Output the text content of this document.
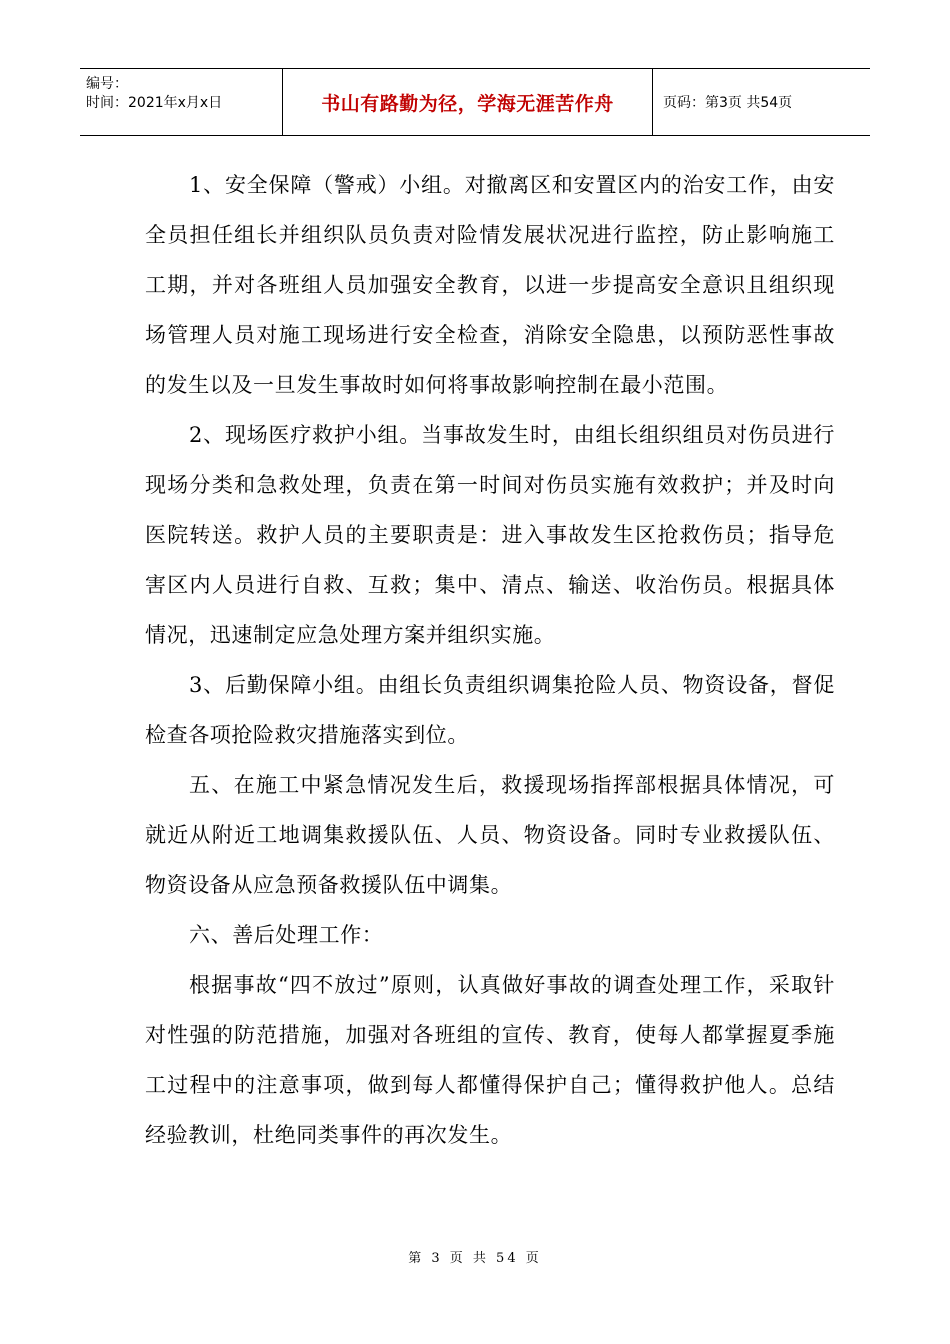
编号：
时间：2021年x月x日	书山有路勤为径，学海无涯苦作舟	页码：第3页 共54页

1、安全保障（警戒）小组。对撤离区和安置区内的治安工作，由安全员担任组长并组织队员负责对险情发展状况进行监控，防止影响施工工期，并对各班组人员加强安全教育，以进一步提高安全意识且组织现场管理人员对施工现场进行安全检查，消除安全隐患，以预防恶性事故的发生以及一旦发生事故时如何将事故影响控制在最小范围。

2、现场医疗救护小组。当事故发生时，由组长组织组员对伤员进行现场分类和急救处理，负责在第一时间对伤员实施有效救护；并及时向医院转送。救护人员的主要职责是：进入事故发生区抢救伤员；指导危害区内人员进行自救、互救；集中、清点、输送、收治伤员。根据具体情况，迅速制定应急处理方案并组织实施。

3、后勤保障小组。由组长负责组织调集抢险人员、物资设备，督促检查各项抢险救灾措施落实到位。

五、在施工中紧急情况发生后，救援现场指挥部根据具体情况，可就近从附近工地调集救援队伍、人员、物资设备。同时专业救援队伍、物资设备从应急预备救援队伍中调集。

六、善后处理工作：

根据事故“四不放过”原则，认真做好事故的调查处理工作，采取针对性强的防范措施，加强对各班组的宣传、教育，使每人都掌握夏季施工过程中的注意事项，做到每人都懂得保护自己；懂得救护他人。总结经验教训，杜绝同类事件的再次发生。

第 3 页 共 54 页
